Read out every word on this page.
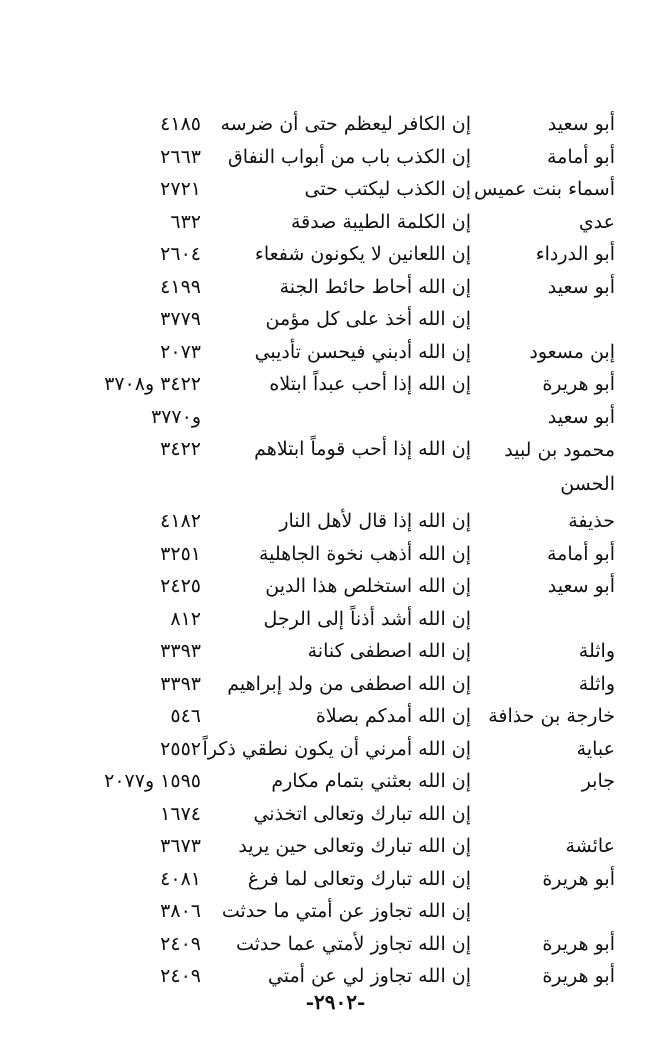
أبو سعيد
إن الكافر ليعظم حتى أن ضرسه
٤١٨٥
أبو أمامة
إن الكذب باب من أبواب النفاق
٢٦٦٣
أسماء بنت عميس
إن الكذب ليكتب حتى
٢٧٢١
عدي
إن الكلمة الطيبة صدقة
٦٣٢
أبو الدرداء
إن اللعانين لا يكونون شفعاء
٢٦٠٤
أبو سعيد
إن الله أحاط حائط الجنة
٤١٩٩
إن الله أخذ على كل مؤمن
٣٧٧٩
إبن مسعود
إن الله أدبني فيحسن تأديبي
٢٠٧٣
أبو هريرة
إن الله إذا أحب عبداً ابتلاه
٣٤٢٢ و٣٧٠٨
أبو سعيد
و٣٧٧٠
محمود بن لبيد الحسن
إن الله إذا أحب قوماً ابتلاهم
٣٤٢٢
حذيفة
إن الله إذا قال لأهل النار
٤١٨٢
أبو أمامة
إن الله أذهب نخوة الجاهلية
٣٢٥١
أبو سعيد
إن الله استخلص هذا الدين
٢٤٢٥
إن الله أشد أذناً إلى الرجل
٨١٢
واثلة
إن الله اصطفى كنانة
٣٣٩٣
واثلة
إن الله اصطفى من ولد إبراهيم
٣٣٩٣
خارجة بن حذافة
إن الله أمدكم بصلاة
٥٤٦
عباية
إن الله أمرني أن يكون نطقي ذكراً
٢٥٥٢
جابر
إن الله بعثني بتمام مكارم
١٥٩٥ و٢٠٧٧
إن الله تبارك وتعالى اتخذني
١٦٧٤
عائشة
إن الله تبارك وتعالى حين يريد
٣٦٧٣
أبو هريرة
إن الله تبارك وتعالى لما فرغ
٤٠٨١
إن الله تجاوز عن أمتي ما حدثت
٣٨٠٦
أبو هريرة
إن الله تجاوز لأمتي عما حدثت
٢٤٠٩
أبو هريرة
إن الله تجاوز لي عن أمتي
٢٤٠٩
-٢٩٠٢-
